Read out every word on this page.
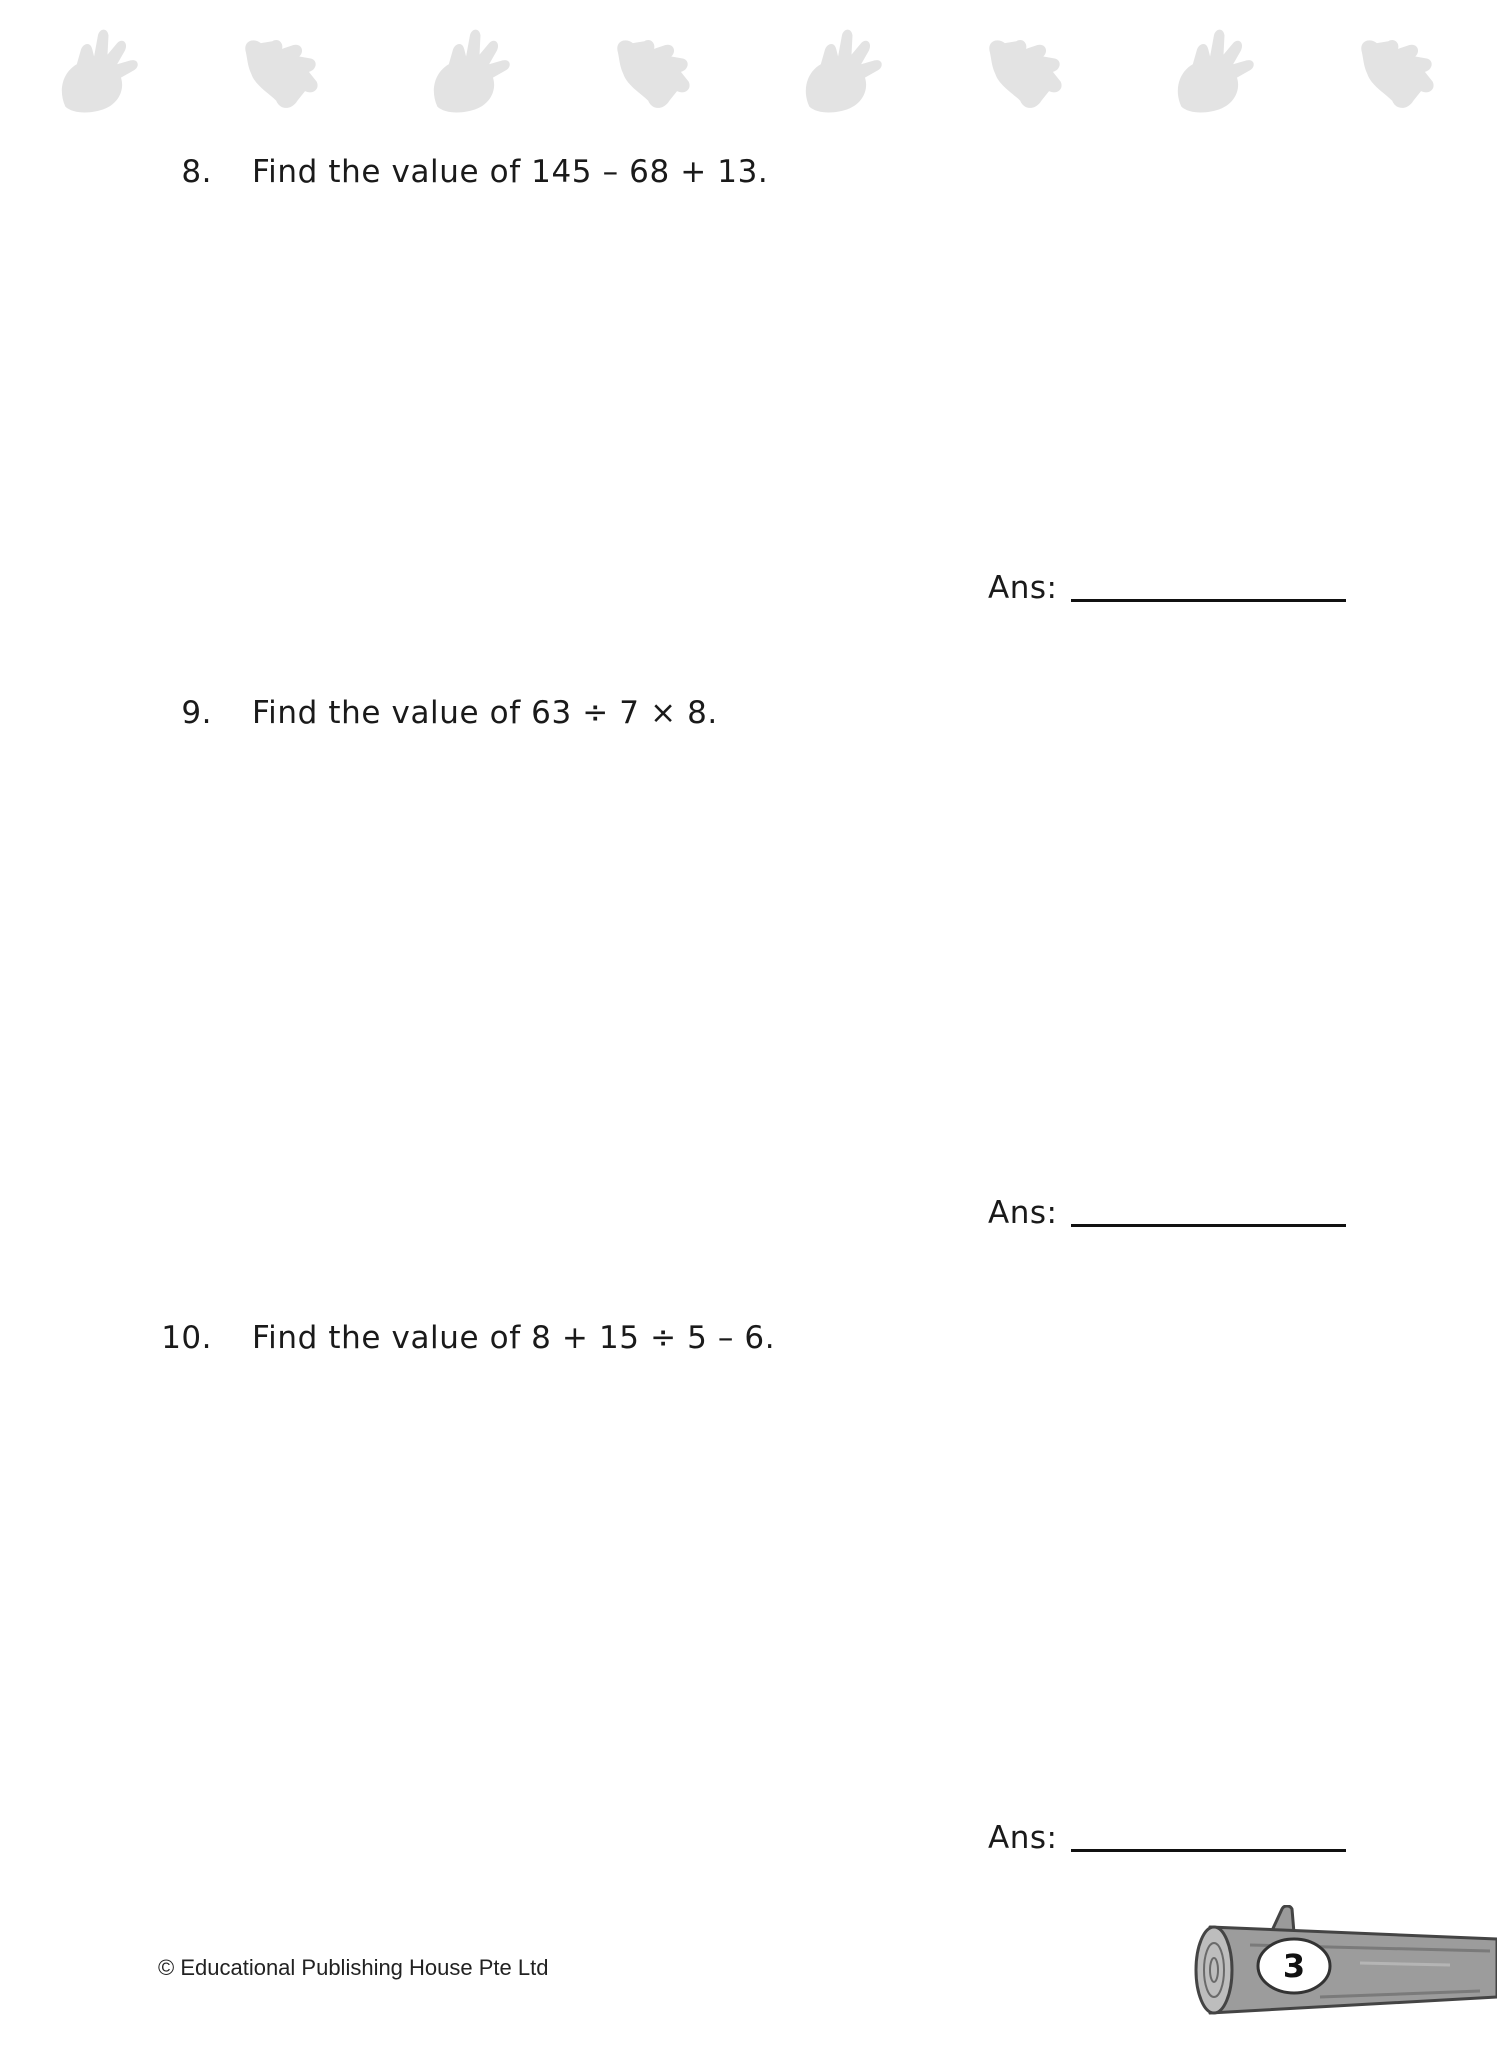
8. Find the value of 145 – 68 + 13.
Ans:
9. Find the value of 63 ÷ 7 × 8.
Ans:
10. Find the value of 8 + 15 ÷ 5 – 6.
Ans:
© Educational Publishing House Pte Ltd	3
